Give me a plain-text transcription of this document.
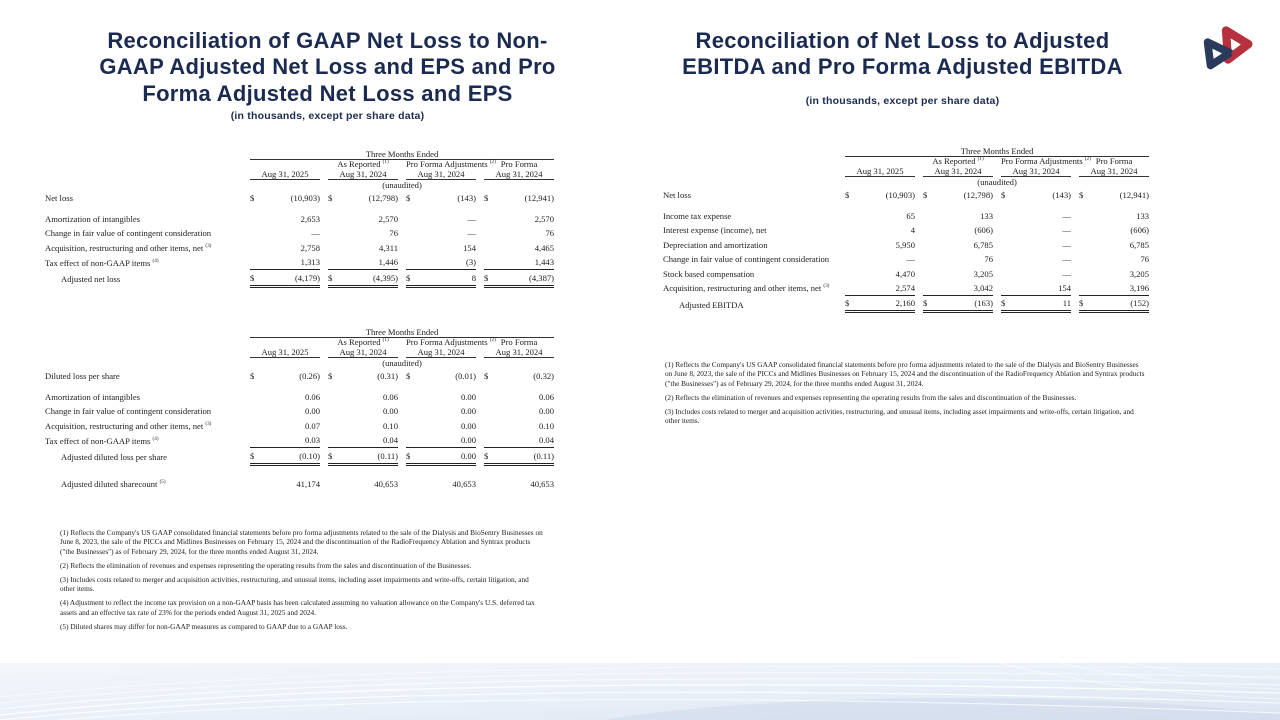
Reconciliation of GAAP Net Loss to Non-
GAAP Adjusted Net Loss and EPS and Pro
Forma Adjusted Net Loss and EPS
(in thousands, except per share data)
Reconciliation of Net Loss to Adjusted
EBITDA and Pro Forma Adjusted EBITDA
(in thousands, except per share data)
	Three Months Ended										
				As Reported $^{(1)}$			Pro Forma Adjustments $^{(2)}$			Pro Forma	
	Aug 31, 2025			Aug 31, 2024			Aug 31, 2024			Aug 31, 2024	
	(unaudited)										
Net loss	$	(10,903)		$	(12,798)		$	(143)		$	(12,941)

Amortization of intangibles		2,653			2,570			—			2,570
Change in fair value of contingent consideration		—			76			—			76
Acquisition, restructuring and other items, net $^{(3)}$		2,758			4,311			154			4,465
Tax effect of non-GAAP items $^{(4)}$		1,313			1,446			(3)			1,443
Adjusted net loss	$	(4,179)		$	(4,395)		$	8		$	(4,387)
	Three Months Ended										
				As Reported $^{(1)}$			Pro Forma Adjustments $^{(2)}$			Pro Forma	
	Aug 31, 2025			Aug 31, 2024			Aug 31, 2024			Aug 31, 2024	
	(unaudited)										
Diluted loss per share	$	(0.26)		$	(0.31)		$	(0.01)		$	(0.32)

Amortization of intangibles		0.06			0.06			0.00			0.06
Change in fair value of contingent consideration		0.00			0.00			0.00			0.00
Acquisition, restructuring and other items, net $^{(3)}$		0.07			0.10			0.00			0.10
Tax effect of non-GAAP items $^{(4)}$		0.03			0.04			0.00			0.04
Adjusted diluted loss per share	$	(0.10)		$	(0.11)		$	0.00		$	(0.11)

Adjusted diluted sharecount $^{(5)}$		41,174			40,653			40,653			40,653
	Three Months Ended										
				As Reported $^{(1)}$			Pro Forma Adjustments $^{(2)}$			Pro Forma	
	Aug 31, 2025			Aug 31, 2024			Aug 31, 2024			Aug 31, 2024	
	(unaudited)										
Net loss	$	(10,903)		$	(12,798)		$	(143)		$	(12,941)

Income tax expense		65			133			—			133
Interest expense (income), net		4			(606)			—			(606)
Depreciation and amortization		5,950			6,785			—			6,785
Change in fair value of contingent consideration		—			76			—			76
Stock based compensation		4,470			3,205			—			3,205
Acquisition, restructuring and other items, net $^{(3)}$		2,574			3,042			154			3,196
Adjusted EBITDA	$	2,160		$	(163)		$	11		$	(152)

(1) Reflects the Company's US GAAP consolidated financial statements before pro forma adjustments related to the sale of the Dialysis and BioSentry Businesses on June 8, 2023, the sale of the PICCs and Midlines Businesses on February 15, 2024 and the discontinuation of the RadioFrequency Ablation and Syntrax products ("the Businesses") as of February 29, 2024, for the three months ended August 31, 2024.

(2) Reflects the elimination of revenues and expenses representing the operating results from the sales and discontinuation of the Businesses.

(3) Includes costs related to merger and acquisition activities, restructuring, and unusual items, including asset impairments and write-offs, certain litigation, and other items.

(4) Adjustment to reflect the income tax provision on a non-GAAP basis has been calculated assuming no valuation allowance on the Company's U.S. deferred tax assets and an effective tax rate of 23% for the periods ended August 31, 2025 and 2024.

(5) Diluted shares may differ for non-GAAP measures as compared to GAAP due to a GAAP loss.

(1) Reflects the Company's US GAAP consolidated financial statements before pro forma adjustments related to the sale of the Dialysis and BioSentry Businesses on June 8, 2023, the sale of the PICCs and Midlines Businesses on February 15, 2024 and the discontinuation of the RadioFrequency Ablation and Syntrax products ("the Businesses") as of February 29, 2024, for the three months ended August 31, 2024.

(2) Reflects the elimination of revenues and expenses representing the operating results from the sales and discontinuation of the Businesses.

(3) Includes costs related to merger and acquisition activities, restructuring, and unusual items, including asset impairments and write-offs, certain litigation, and other items.
